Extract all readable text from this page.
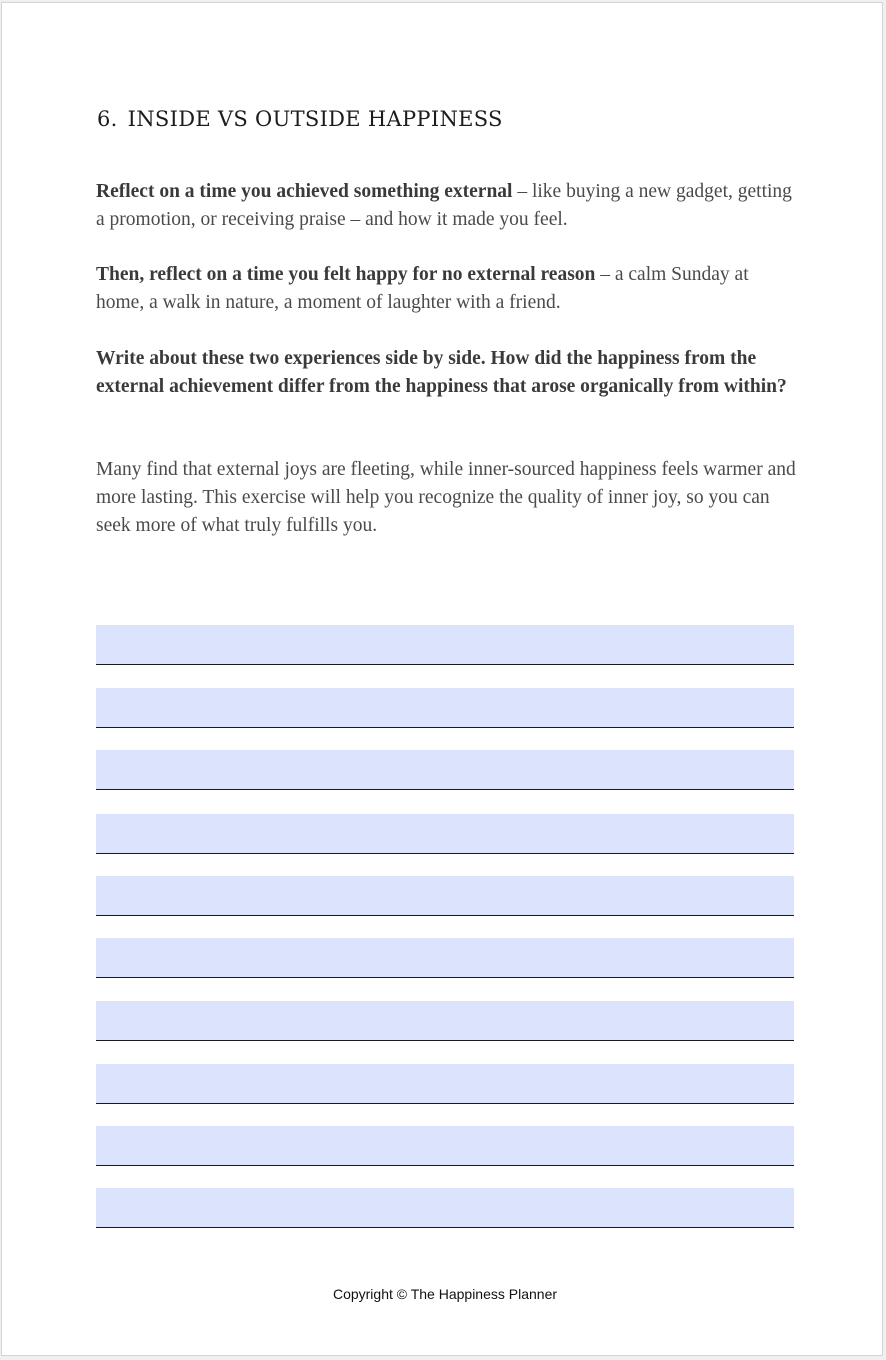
6. INSIDE VS OUTSIDE HAPPINESS

Reflect on a time you achieved something external – like buying a new gadget, getting a promotion, or receiving praise – and how it made you feel.

Then, reflect on a time you felt happy for no external reason – a calm Sunday at home, a walk in nature, a moment of laughter with a friend.

Write about these two experiences side by side. How did the happiness from the external achievement differ from the happiness that arose organically from within?

Many find that external joys are fleeting, while inner-sourced happiness feels warmer and more lasting. This exercise will help you recognize the quality of inner joy, so you can seek more of what truly fulfills you.

Copyright © The Happiness Planner
